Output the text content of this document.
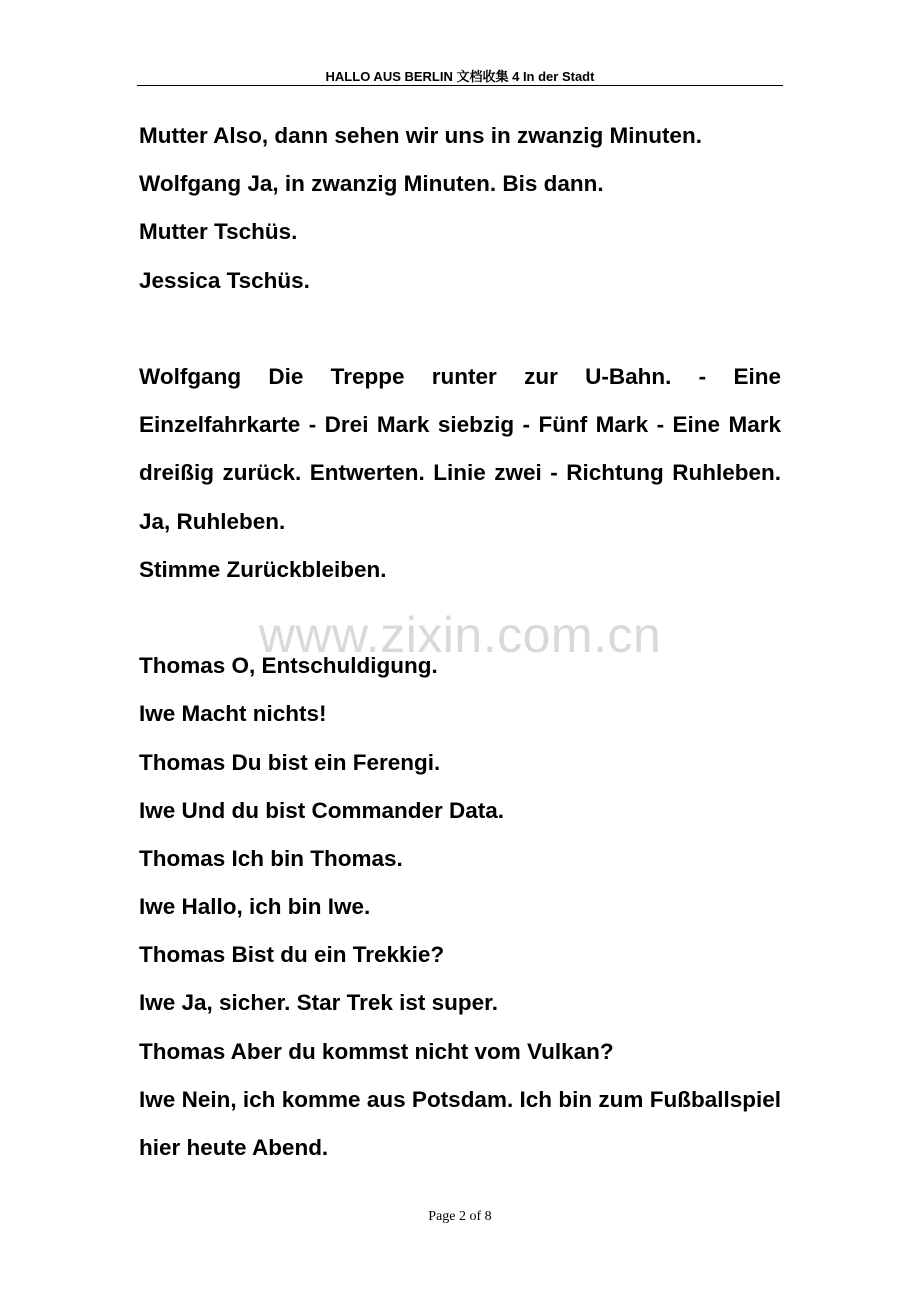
HALLO AUS BERLIN 文档收集 4 In der Stadt
www.zixin.com.cn
Mutter Also, dann sehen wir uns in zwanzig Minuten.
Wolfgang Ja, in zwanzig Minuten. Bis dann.
Mutter Tschüs.
Jessica Tschüs.
Wolfgang Die Treppe runter zur U-Bahn. - Eine Einzelfahrkarte - Drei Mark siebzig - Fünf Mark - Eine Mark dreißig zurück. Entwerten. Linie zwei - Richtung Ruhleben. Ja, Ruhleben.
Stimme Zurückbleiben.
Thomas O, Entschuldigung.
Iwe Macht nichts!
Thomas Du bist ein Ferengi.
Iwe Und du bist Commander Data.
Thomas Ich bin Thomas.
Iwe Hallo, ich bin Iwe.
Thomas Bist du ein Trekkie?
Iwe Ja, sicher. Star Trek ist super.
Thomas Aber du kommst nicht vom Vulkan?
Iwe Nein, ich komme aus Potsdam. Ich bin zum Fußballspiel hier heute Abend.
Page 2 of 8
